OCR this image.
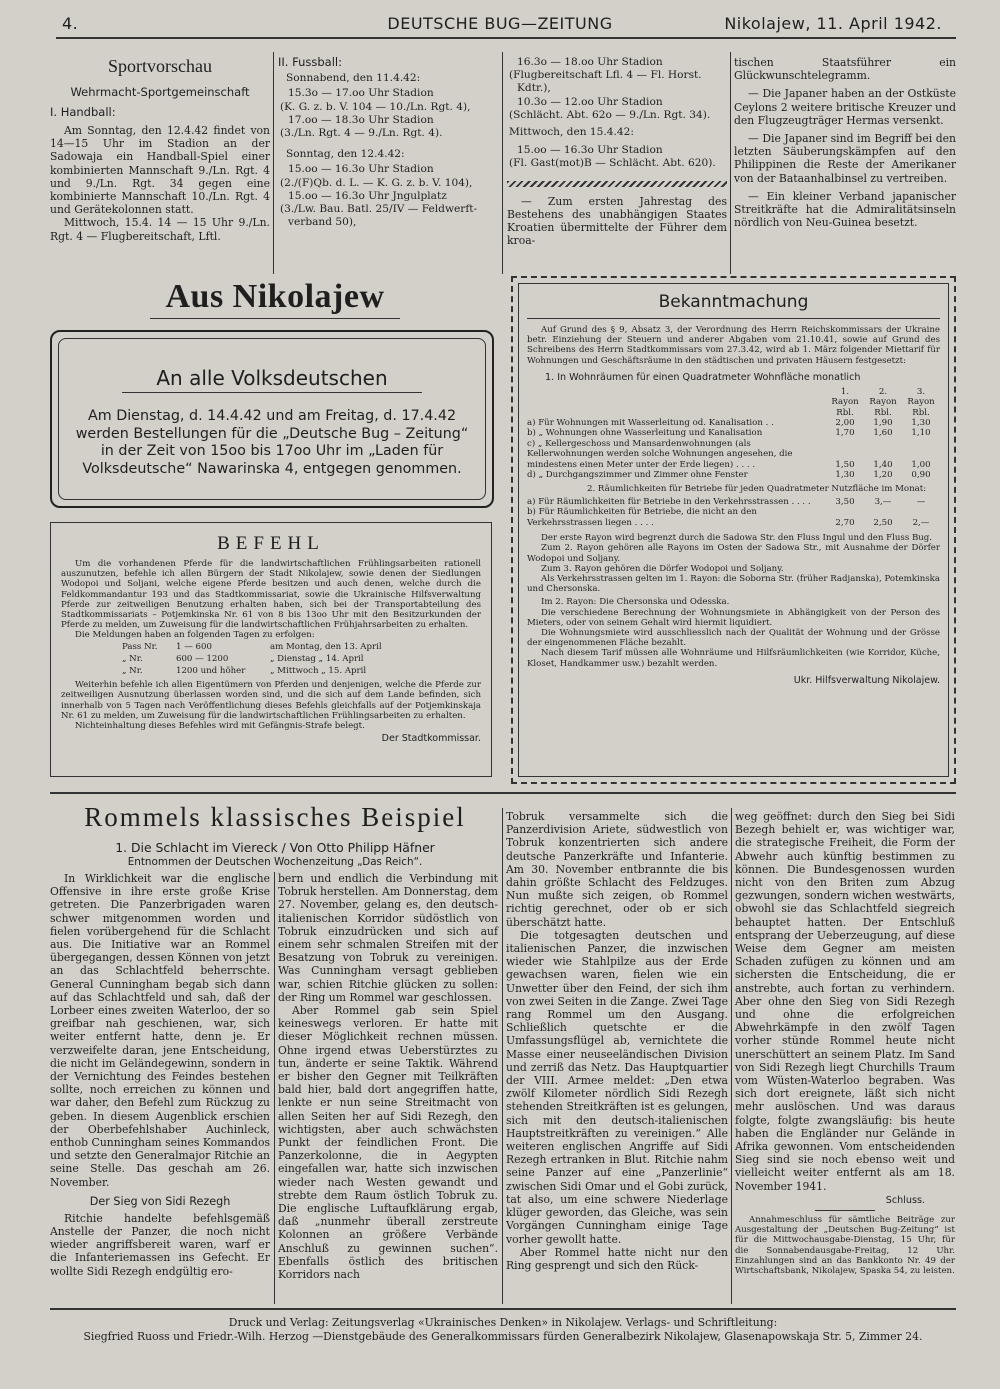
4.	DEUTSCHE BUG—ZEITUNG	Nikolajew, 11. April 1942.
Sportvorschau
Wehrmacht-Sportgemeinschaft
I. Handball:

Am Sonntag, den 12.4.42 findet von 14—15 Uhr im Stadion an der Sadowaja ein Handball-Spiel einer kombinierten Mannschaft 9./Ln. Rgt. 4 und 9./Ln. Rgt. 34 gegen eine kombinierte Mannschaft 10./Ln. Rgt. 4 und Gerätekolonnen statt.

Mittwoch, 15.4. 14 — 15 Uhr 9./Ln. Rgt. 4 — Flugbereitschaft, Lftl.

II. Fussball:
Sonnabend, den 11.4.42:
15.3o — 17.oo Uhr Stadion
(K. G. z. b. V. 104 — 10./Ln. Rgt. 4),
17.oo — 18.3o Uhr Stadion
(3./Ln. Rgt. 4 — 9./Ln. Rgt. 4).
Sonntag, den 12.4.42:
15.oo — 16.3o Uhr Stadion
(2./(F)Qb. d. L. — K. G. z. b. V. 104),
15.oo — 16.3o Uhr Jngulplatz
(3./Lw. Bau. Batl. 25/IV — Feldwerft-
verband 50),
16.3o — 18.oo Uhr Stadion
(Flugbereitschaft Lfl. 4 — Fl. Horst.
Kdtr.),
10.3o — 12.oo Uhr Stadion
(Schlächt. Abt. 62o — 9./Ln. Rgt. 34).
Mittwoch, den 15.4.42:
15.oo — 16.3o Uhr Stadion
(Fl. Gast(mot)B — Schlächt. Abt. 620).

— Zum ersten Jahrestag des Bestehens des unabhängigen Staates Kroatien übermittelte der Führer dem kroa-

tischen Staatsführer ein Glückwunschtelegramm.

— Die Japaner haben an der Ostküste Ceylons 2 weitere britische Kreuzer und den Flugzeugträger Hermas versenkt.

— Die Japaner sind im Begriff bei den letzten Säuberungskämpfen auf den Philippinen die Reste der Amerikaner von der Bataanhalbinsel zu vertreiben.

— Ein kleiner Verband japanischer Streitkräfte hat die Admiralitätsinseln nördlich von Neu-Guinea besetzt.

Aus Nikolajew
An alle Volksdeutschen
Am Dienstag, d. 14.4.42 und am Freitag, d. 17.4.42
werden Bestellungen für die „Deutsche Bug – Zeitung“
in der Zeit von 15oo bis 17oo Uhr im „Laden für
Volksdeutsche“ Nawarinska 4, entgegen genommen.
BEFEHL

Um die vorhandenen Pferde für die landwirtschaftlichen Frühlingsarbeiten rationell auszunutzen, befehle ich allen Bürgern der Stadt Nikolajew, sowie denen der Siedlungen Wodopoi und Soljani, welche eigene Pferde besitzen und auch denen, welche durch die Feldkommandantur 193 und das Stadtkommissariat, sowie die Ukrainische Hilfsverwaltung Pferde zur zeitweiligen Benutzung erhalten haben, sich bei der Transportabteilung des Stadtkommissariats – Potjemkinska Nr. 61 von 8 bis 13oo Uhr mit den Besitzurkunden der Pferde zu melden, um Zuweisung für die landwirtschaftlichen Frühjahrsarbeiten zu erhalten.

Die Meldungen haben an folgenden Tagen zu erfolgen:

Pass Nr.	1 — 600	am Montag, den 13. April
„ Nr.	600 — 1200	„ Dienstag „ 14. April
„ Nr.	1200 und höher	„ Mittwoch „ 15. April

Weiterhin befehle ich allen Eigentümern von Pferden und denjenigen, welche die Pferde zur zeitweiligen Ausnutzung überlassen worden sind, und die sich auf dem Lande befinden, sich innerhalb von 5 Tagen nach Veröffentlichung dieses Befehls gleichfalls auf der Potjemkinskaja Nr. 61 zu melden, um Zuweisung für die landwirtschaftlichen Frühlingsarbeiten zu erhalten.

Nichteinhaltung dieses Befehles wird mit Gefängnis-Strafe belegt.

Der Stadtkommissar.
Bekanntmachung

Auf Grund des § 9, Absatz 3, der Verordnung des Herrn Reichskommissars der Ukraine betr. Einziehung der Steuern und anderer Abgaben vom 21.10.41, sowie auf Grund des Schreibens des Herrn Stadtkommissars vom 27.3.42, wird ab 1. März folgender Miettarif für Wohnungen und Geschäftsräume in den städtischen und privaten Häusern festgesetzt:

1. In Wohnräumen für einen Quadratmeter Wohnfläche monatlich
	1. Rayon	2. Rayon	3. Rayon
	Rbl.	Rbl.	Rbl.
a) Für Wohnungen mit Wasserleitung od. Kanalisation . .	2,00	1,90	1,30
b) „ Wohnungen ohne Wasserleitung und Kanalisation	1,70	1,60	1,10
c) „ Kellergeschoss und Mansardenwohnungen (als Kellerwohnungen werden solche Wohnungen angesehen, die mindestens einen Meter unter der Erde liegen) . . . .	1,50	1,40	1,00
d) „ Durchgangszimmer und Zimmer ohne Fenster	1,30	1,20	0,90
2. Räumlichkeiten für Betriebe für jeden Quadratmeter Nutzfläche im Monat:
a) Für Räumlichkeiten für Betriebe in den Verkehrsstrassen . . . .	3,50	3,—	—
b) Für Räumlichkeiten für Betriebe, die nicht an den Verkehrsstrassen liegen . . . .	2,70	2,50	2,—

Der erste Rayon wird begrenzt durch die Sadowa Str. den Fluss Ingul und den Fluss Bug.

Zum 2. Rayon gehören alle Rayons im Osten der Sadowa Str., mit Ausnahme der Dörfer Wodopoi und Soljany.

Zum 3. Rayon gehören die Dörfer Wodopoi und Soljany.

Als Verkehrsstrassen gelten im 1. Rayon: die Soborna Str. (früher Radjanska), Potemkinska und Chersonska.

Im 2. Rayon: Die Chersonska und Odesska.

Die verschiedene Berechnung der Wohnungsmiete in Abhängigkeit von der Person des Mieters, oder von seinem Gehalt wird hiermit liquidiert.

Die Wohnungsmiete wird ausschliesslich nach der Qualität der Wohnung und der Grösse der eingenommenen Fläche bezahlt.

Nach diesem Tarif müssen alle Wohnräume und Hilfsräumlichkeiten (wie Korridor, Küche, Kloset, Handkammer usw.) bezahlt werden.

Ukr. Hilfsverwaltung Nikolajew.
Rommels klassisches Beispiel
1. Die Schlacht im Viereck / Von Otto Philipp Häfner
Entnommen der Deutschen Wochenzeitung „Das Reich“.

In Wirklichkeit war die englische Offensive in ihre erste große Krise getreten. Die Panzerbrigaden waren schwer mitgenommen worden und fielen vorübergehend für die Schlacht aus. Die Initiative war an Rommel übergegangen, dessen Können von jetzt an das Schlachtfeld beherrschte. General Cunningham begab sich dann auf das Schlachtfeld und sah, daß der Lorbeer eines zweiten Waterloo, der so greifbar nah geschienen, war, sich weiter entfernt hatte, denn je. Er verzweifelte daran, jene Entscheidung, die nicht im Geländegewinn, sondern in der Vernichtung des Feindes bestehen sollte, noch erreichen zu können und war daher, den Befehl zum Rückzug zu geben. In diesem Augenblick erschien der Oberbefehlshaber Auchinleck, enthob Cunningham seines Kommandos und setzte den Generalmajor Ritchie an seine Stelle. Das geschah am 26. November.

Der Sieg von Sidi Rezegh

Ritchie handelte befehlsgemäß Anstelle der Panzer, die noch nicht wieder angriffsbereit waren, warf er die Infanteriemassen ins Gefecht. Er wollte Sidi Rezegh endgültig ero-

bern und endlich die Verbindung mit Tobruk herstellen. Am Donnerstag, dem 27. November, gelang es, den deutsch-italienischen Korridor südöstlich von Tobruk einzudrücken und sich auf einem sehr schmalen Streifen mit der Besatzung von Tobruk zu vereinigen. Was Cunningham versagt geblieben war, schien Ritchie glücken zu sollen: der Ring um Rommel war geschlossen.

Aber Rommel gab sein Spiel keineswegs verloren. Er hatte mit dieser Möglichkeit rechnen müssen. Ohne irgend etwas Ueberstürztes zu tun, änderte er seine Taktik. Während er bisher den Gegner mit Teilkräften bald hier, bald dort angegriffen hatte, lenkte er nun seine Streitmacht von allen Seiten her auf Sidi Rezegh, den wichtigsten, aber auch schwächsten Punkt der feindlichen Front. Die Panzerkolonne, die in Aegypten eingefallen war, hatte sich inzwischen wieder nach Westen gewandt und strebte dem Raum östlich Tobruk zu. Die englische Luftaufklärung ergab, daß „nunmehr überall zerstreute Kolonnen an größere Verbände Anschluß zu gewinnen suchen“. Ebenfalls östlich des britischen Korridors nach

Tobruk versammelte sich die Panzerdivision Ariete, südwestlich von Tobruk konzentrierten sich andere deutsche Panzerkräfte und Infanterie. Am 30. November entbrannte die bis dahin größte Schlacht des Feldzuges. Nun mußte sich zeigen, ob Rommel richtig gerechnet, oder ob er sich überschätzt hatte.

Die totgesagten deutschen und italienischen Panzer, die inzwischen wieder wie Stahlpilze aus der Erde gewachsen waren, fielen wie ein Unwetter über den Feind, der sich ihm von zwei Seiten in die Zange. Zwei Tage rang Rommel um den Ausgang. Schließlich quetschte er die Umfassungsflügel ab, vernichtete die Masse einer neuseeländischen Division und zerriß das Netz. Das Hauptquartier der VIII. Armee meldet: „Den etwa zwölf Kilometer nördlich Sidi Rezegh stehenden Streitkräften ist es gelungen, sich mit den deutsch-italienischen Hauptstreitkräften zu vereinigen.“ Alle weiteren englischen Angriffe auf Sidi Rezegh ertranken in Blut. Ritchie nahm seine Panzer auf eine „Panzerlinie“ zwischen Sidi Omar und el Gobi zurück, tat also, um eine schwere Niederlage klüger geworden, das Gleiche, was sein Vorgängen Cunningham einige Tage vorher gewollt hatte.

Aber Rommel hatte nicht nur den Ring gesprengt und sich den Rück-

weg geöffnet: durch den Sieg bei Sidi Bezegh behielt er, was wichtiger war, die strategische Freiheit, die Form der Abwehr auch künftig bestimmen zu können. Die Bundesgenossen wurden nicht von den Briten zum Abzug gezwungen, sondern wichen westwärts, obwohl sie das Schlachtfeld siegreich behauptet hatten. Der Entschluß entsprang der Ueberzeugung, auf diese Weise dem Gegner am meisten Schaden zufügen zu können und am sichersten die Entscheidung, die er anstrebte, auch fortan zu verhindern. Aber ohne den Sieg von Sidi Rezegh und ohne die erfolgreichen Abwehrkämpfe in den zwölf Tagen vorher stünde Rommel heute nicht unerschüttert an seinem Platz. Im Sand von Sidi Rezegh liegt Churchills Traum vom Wüsten-Waterloo begraben. Was sich dort ereignete, läßt sich nicht mehr auslöschen. Und was daraus folgte, folgte zwangsläufig: bis heute haben die Engländer nur Gelände in Afrika gewonnen. Vom entscheidenden Sieg sind sie noch ebenso weit und vielleicht weiter entfernt als am 18. November 1941.

Schluss.

Annahmeschluss für sämtliche Beiträge zur Ausgestaltung der „Deutschen Bug-Zeitung“ ist für die Mittwochausgabe-Dienstag, 15 Uhr, für die Sonnabendausgabe-Freitag, 12 Uhr. Einzahlungen sind an das Bankkonto Nr. 49 der Wirtschaftsbank, Nikolajew, Spaska 54, zu leisten.

Druck und Verlag: Zeitungsverlag «Ukrainisches Denken» in Nikolajew. Verlags- und Schriftleitung:
Siegfried Ruoss und Friedr.-Wilh. Herzog —Dienstgebäude des Generalkommissars fürden Generalbezirk Nikolajew, Glasenapowskaja Str. 5, Zimmer 24.
